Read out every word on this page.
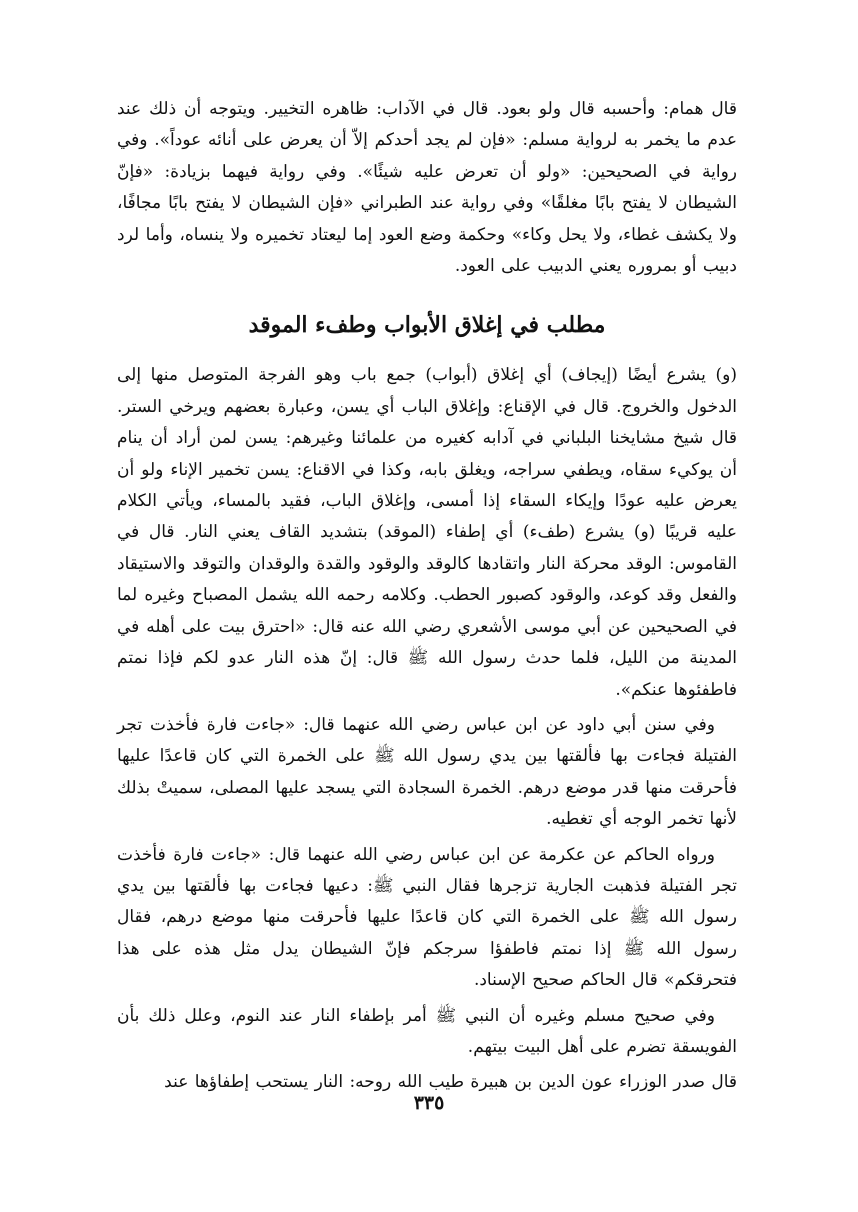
قال همام: وأحسبه قال ولو بعود. قال في الآداب: ظاهره التخيير. ويتوجه أن ذلك عند عدم ما يخمر به لرواية مسلم: «فإن لم يجد أحدكم إلاّ أن يعرض على أنائه عوداً». وفي رواية في الصحيحين: «ولو أن تعرض عليه شيئًا». وفي رواية فيهما بزيادة: «فإنّ الشيطان لا يفتح بابًا مغلقًا» وفي رواية عند الطبراني «فإن الشيطان لا يفتح بابًا مجافًا، ولا يكشف غطاء، ولا يحل وكاء» وحكمة وضع العود إما ليعتاد تخميره ولا ينساه، وأما لرد دبيب أو بمروره يعني الدبيب على العود.

مطلب في إغلاق الأبواب وطفء الموقد

(و) يشرع أيضًا (إيجاف) أي إغلاق (أبواب) جمع باب وهو الفرجة المتوصل منها إلى الدخول والخروج. قال في الإقناع: وإغلاق الباب أي يسن، وعبارة بعضهم ويرخي الستر. قال شيخ مشايخنا البلباني في آدابه كغيره من علمائنا وغيرهم: يسن لمن أراد أن ينام أن يوكيء سقاه، ويطفي سراجه، ويغلق بابه، وكذا في الاقناع: يسن تخمير الإناء ولو أن يعرض عليه عودًا وإيكاء السقاء إذا أمسى، وإغلاق الباب، فقيد بالمساء، ويأتي الكلام عليه قريبًا (و) يشرع (طفء) أي إطفاء (الموقد) بتشديد القاف يعني النار. قال في القاموس: الوقد محركة النار واتقادها كالوقد والوقود والقدة والوقدان والتوقد والاستيقاد والفعل وقد كوعد، والوقود كصبور الحطب. وكلامه رحمه الله يشمل المصباح وغيره لما في الصحيحين عن أبي موسى الأشعري رضي الله عنه قال: «احترق بيت على أهله في المدينة من الليل، فلما حدث رسول الله ﷺ قال: إنّ هذه النار عدو لكم فإذا نمتم فاطفئوها عنكم».

وفي سنن أبي داود عن ابن عباس رضي الله عنهما قال: «جاءت فارة فأخذت تجر الفتيلة فجاءت بها فألقتها بين يدي رسول الله ﷺ على الخمرة التي كان قاعدًا عليها فأحرقت منها قدر موضع درهم. الخمرة السجادة التي يسجد عليها المصلى، سميتْ بذلك لأنها تخمر الوجه أي تغطيه.

ورواه الحاكم عن عكرمة عن ابن عباس رضي الله عنهما قال: «جاءت فارة فأخذت تجر الفتيلة فذهبت الجارية تزجرها فقال النبي ﷺ: دعيها فجاءت بها فألقتها بين يدي رسول الله ﷺ على الخمرة التي كان قاعدًا عليها فأحرقت منها موضع درهم، فقال رسول الله ﷺ إذا نمتم فاطفؤا سرجكم فإنّ الشيطان يدل مثل هذه على هذا فتحرقكم» قال الحاكم صحيح الإسناد.

وفي صحيح مسلم وغيره أن النبي ﷺ أمر بإطفاء النار عند النوم، وعلل ذلك بأن الفويسقة تضرم على أهل البيت بيتهم.

قال صدر الوزراء عون الدين بن هبيرة طيب الله روحه: النار يستحب إطفاؤها عند

٣٣٥
